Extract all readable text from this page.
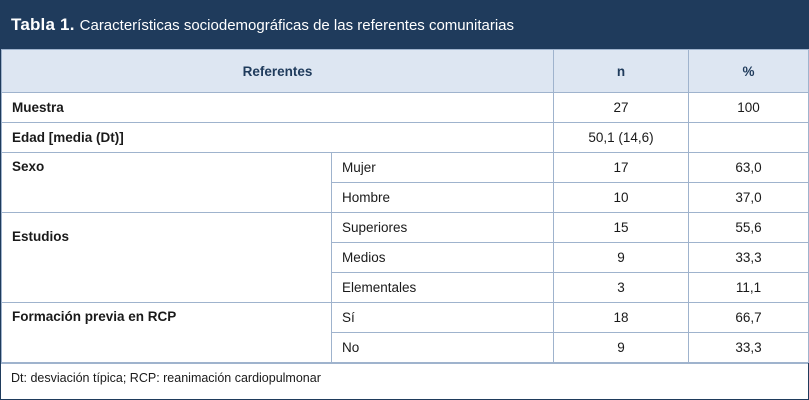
Tabla 1. Características sociodemográficas de las referentes comunitarias
Referentes		n	%
Muestra		27	100
Edad [media (Dt)]		50,1 (14,6)	
Sexo	Mujer	17	63,0
	Hombre	10	37,0
Estudios	Superiores	15	55,6
	Medios	9	33,3
	Elementales	3	11,1
Formación previa en RCP	Sí	18	66,7
	No	9	33,3
Dt: desviación típica; RCP: reanimación cardiopulmonar
